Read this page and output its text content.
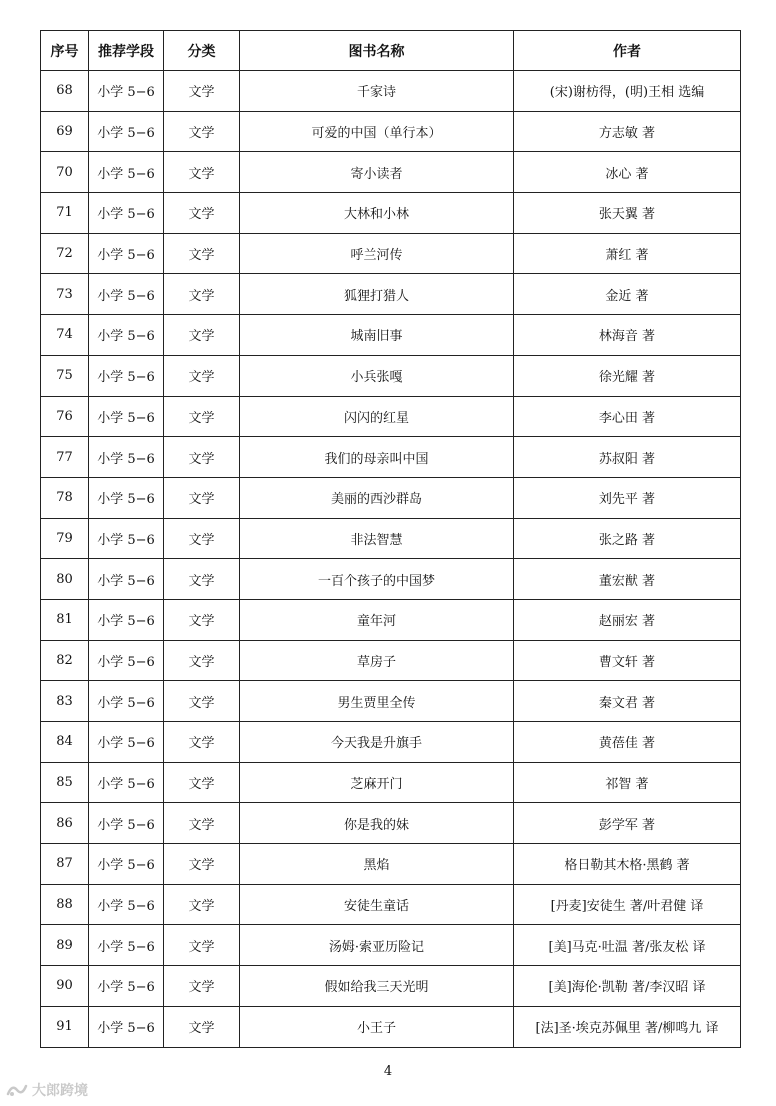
序号	推荐学段	分类	图书名称	作者
68	小学 5−6	文学	千家诗	(宋)谢枋得，(明)王相 选编
69	小学 5−6	文学	可爱的中国（单行本）	方志敏 著
70	小学 5−6	文学	寄小读者	冰心 著
71	小学 5−6	文学	大林和小林	张天翼 著
72	小学 5−6	文学	呼兰河传	萧红 著
73	小学 5−6	文学	狐狸打猎人	金近 著
74	小学 5−6	文学	城南旧事	林海音 著
75	小学 5−6	文学	小兵张嘎	徐光耀 著
76	小学 5−6	文学	闪闪的红星	李心田 著
77	小学 5−6	文学	我们的母亲叫中国	苏叔阳 著
78	小学 5−6	文学	美丽的西沙群岛	刘先平 著
79	小学 5−6	文学	非法智慧	张之路 著
80	小学 5−6	文学	一百个孩子的中国梦	董宏猷 著
81	小学 5−6	文学	童年河	赵丽宏 著
82	小学 5−6	文学	草房子	曹文轩 著
83	小学 5−6	文学	男生贾里全传	秦文君 著
84	小学 5−6	文学	今天我是升旗手	黄蓓佳 著
85	小学 5−6	文学	芝麻开门	祁智 著
86	小学 5−6	文学	你是我的妹	彭学军 著
87	小学 5−6	文学	黑焰	格日勒其木格·黑鹤 著
88	小学 5−6	文学	安徒生童话	[丹麦]安徒生 著/叶君健 译
89	小学 5−6	文学	汤姆·索亚历险记	[美]马克·吐温 著/张友松 译
90	小学 5−6	文学	假如给我三天光明	[美]海伦·凯勒 著/李汉昭 译
91	小学 5−6	文学	小王子	[法]圣·埃克苏佩里 著/柳鸣九 译
4
大郎跨境
